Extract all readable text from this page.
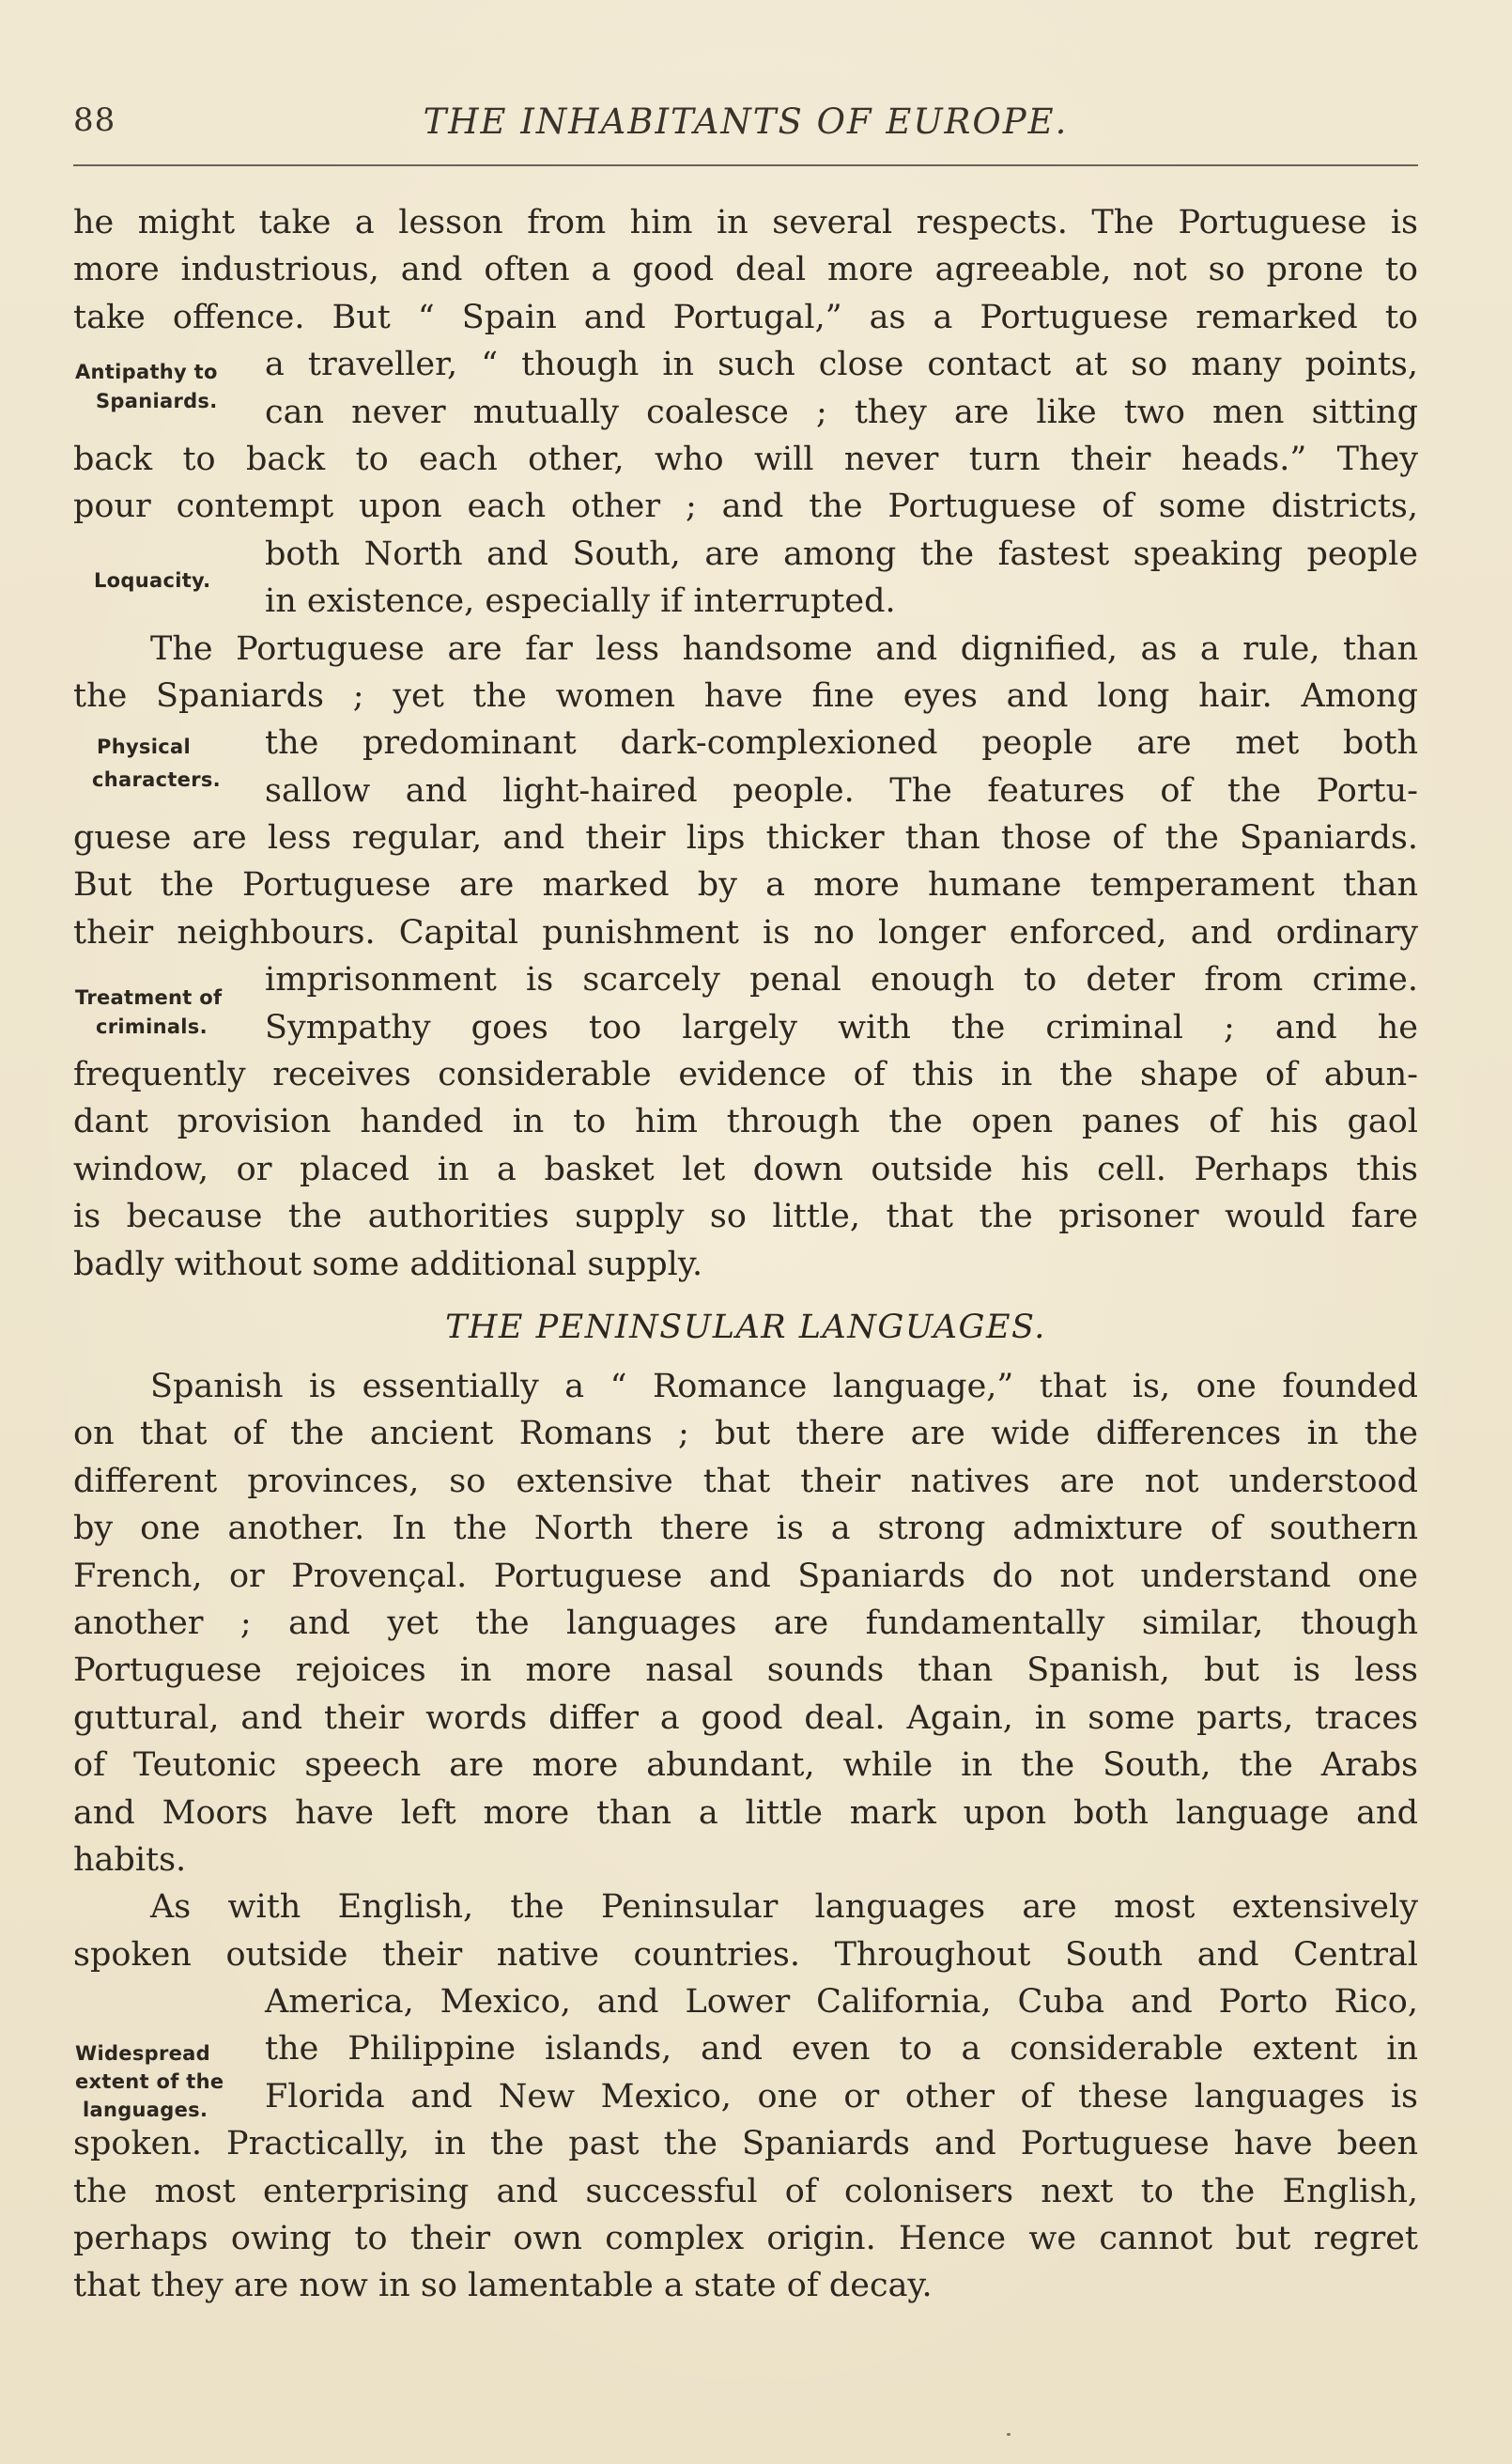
88	THE INHABITANTS OF EUROPE.
Antipathy to
Spaniards.
Loquacity.
Physical
characters.
Treatment of
criminals.
Widespread
extent of the
languages.
he might take a lesson from him in several respects. The Portuguese is
more industrious, and often a good deal more agreeable, not so prone to
take offence. But “ Spain and Portugal,” as a Portuguese remarked to
a traveller, “ though in such close contact at so many points,
can never mutually coalesce ; they are like two men sitting
back to back to each other, who will never turn their heads.” They
pour contempt upon each other ; and the Portuguese of some districts,
both North and South, are among the fastest speaking people
in existence, especially if interrupted.
The Portuguese are far less handsome and dignified, as a rule, than
the Spaniards ; yet the women have fine eyes and long hair. Among
the predominant dark-complexioned people are met both
sallow and light-haired people. The features of the Portu-
guese are less regular, and their lips thicker than those of the Spaniards.
But the Portuguese are marked by a more humane temperament than
their neighbours. Capital punishment is no longer enforced, and ordinary
imprisonment is scarcely penal enough to deter from crime.
Sympathy goes too largely with the criminal ; and he
frequently receives considerable evidence of this in the shape of abun-
dant provision handed in to him through the open panes of his gaol
window, or placed in a basket let down outside his cell. Perhaps this
is because the authorities supply so little, that the prisoner would fare
badly without some additional supply.
THE PENINSULAR LANGUAGES.
Spanish is essentially a “ Romance language,” that is, one founded
on that of the ancient Romans ; but there are wide differences in the
different provinces, so extensive that their natives are not understood
by one another. In the North there is a strong admixture of southern
French, or Provençal. Portuguese and Spaniards do not understand one
another ; and yet the languages are fundamentally similar, though
Portuguese rejoices in more nasal sounds than Spanish, but is less
guttural, and their words differ a good deal. Again, in some parts, traces
of Teutonic speech are more abundant, while in the South, the Arabs
and Moors have left more than a little mark upon both language and
habits.
As with English, the Peninsular languages are most extensively
spoken outside their native countries. Throughout South and Central
America, Mexico, and Lower California, Cuba and Porto Rico,
the Philippine islands, and even to a considerable extent in
Florida and New Mexico, one or other of these languages is
spoken. Practically, in the past the Spaniards and Portuguese have been
the most enterprising and successful of colonisers next to the English,
perhaps owing to their own complex origin. Hence we cannot but regret
that they are now in so lamentable a state of decay.
